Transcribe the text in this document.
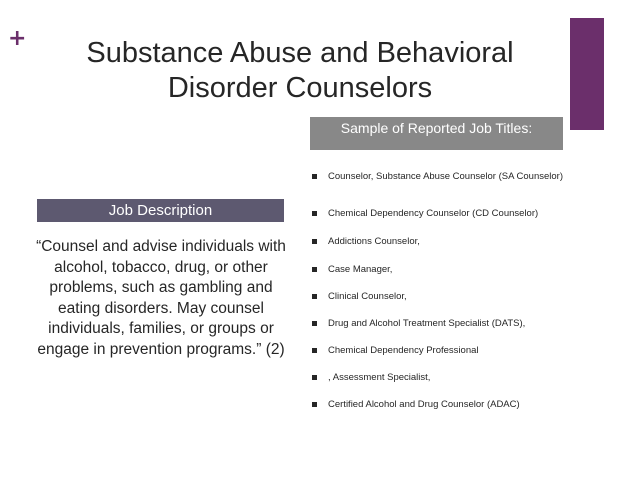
+	Substance Abuse and Behavioral
Disorder Counselors
Sample of Reported Job Titles:
Counselor, Substance Abuse Counselor (SA Counselor)
Chemical Dependency Counselor (CD Counselor)
Addictions Counselor,
Case Manager,
Clinical Counselor,
Drug and Alcohol Treatment Specialist (DATS),
Chemical Dependency Professional
, Assessment Specialist,
Certified Alcohol and Drug Counselor (ADAC)
Job Description

“Counsel and advise individuals with alcohol, tobacco, drug, or other problems, such as gambling and eating disorders. May counsel individuals, families, or groups or engage in prevention programs.” (2)
